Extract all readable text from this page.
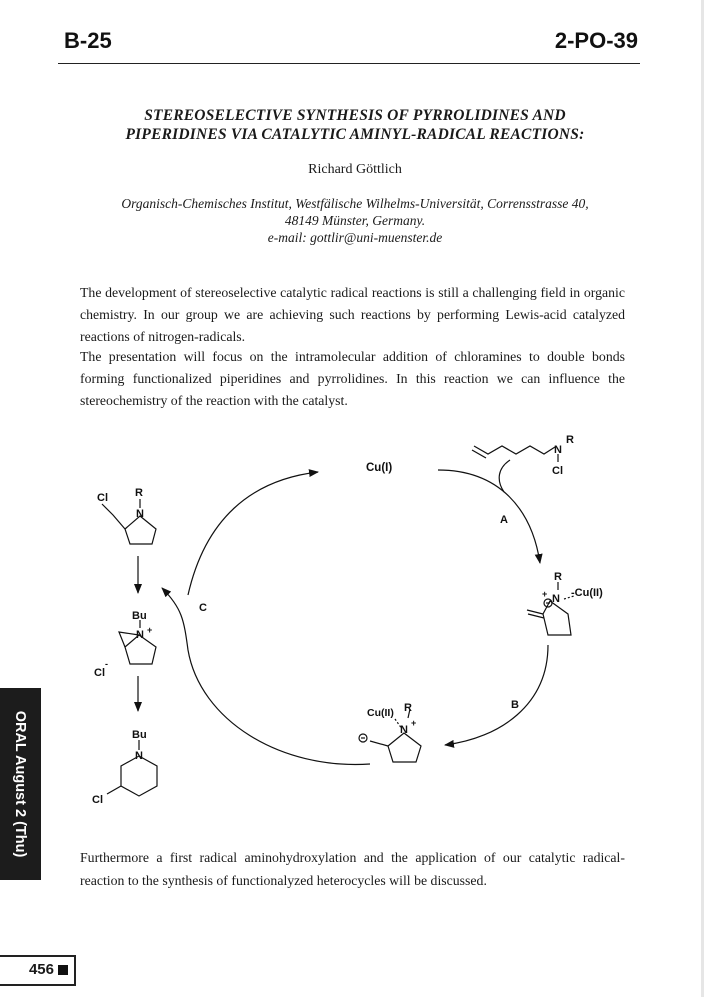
B-25	2-PO-39
STEREOSELECTIVE SYNTHESIS OF PYRROLIDINES AND
PIPERIDINES VIA CATALYTIC AMINYL-RADICAL REACTIONS:
Richard Göttlich
Organisch-Chemisches Institut, Westfälische Wilhelms-Universität, Corrensstrasse 40,
48149 Münster, Germany.
e-mail: gottlir@uni-muenster.de
The development of stereoselective catalytic radical reactions is still a challenging field in organic chemistry. In our group we are achieving such reactions by performing Lewis-acid catalyzed reactions of nitrogen-radicals.
The presentation will focus on the intramolecular addition of chloramines to double bonds forming functionalized piperidines and pyrrolidines. In this reaction we can influence the stereochemistry of the reaction with the catalyst.
Cu(I)
A
B
C
N
R
Cl
R
+ N -Cu(II)
Cu(II) R
N
+
Cl R
N
Bu
N +
Cl
-
Bu
N
Cl
Furthermore a first radical aminohydroxylation and the application of our catalytic radical-reaction to the synthesis of functionalyzed heterocycles will be discussed.
ORAL August 2 (Thu)
456
